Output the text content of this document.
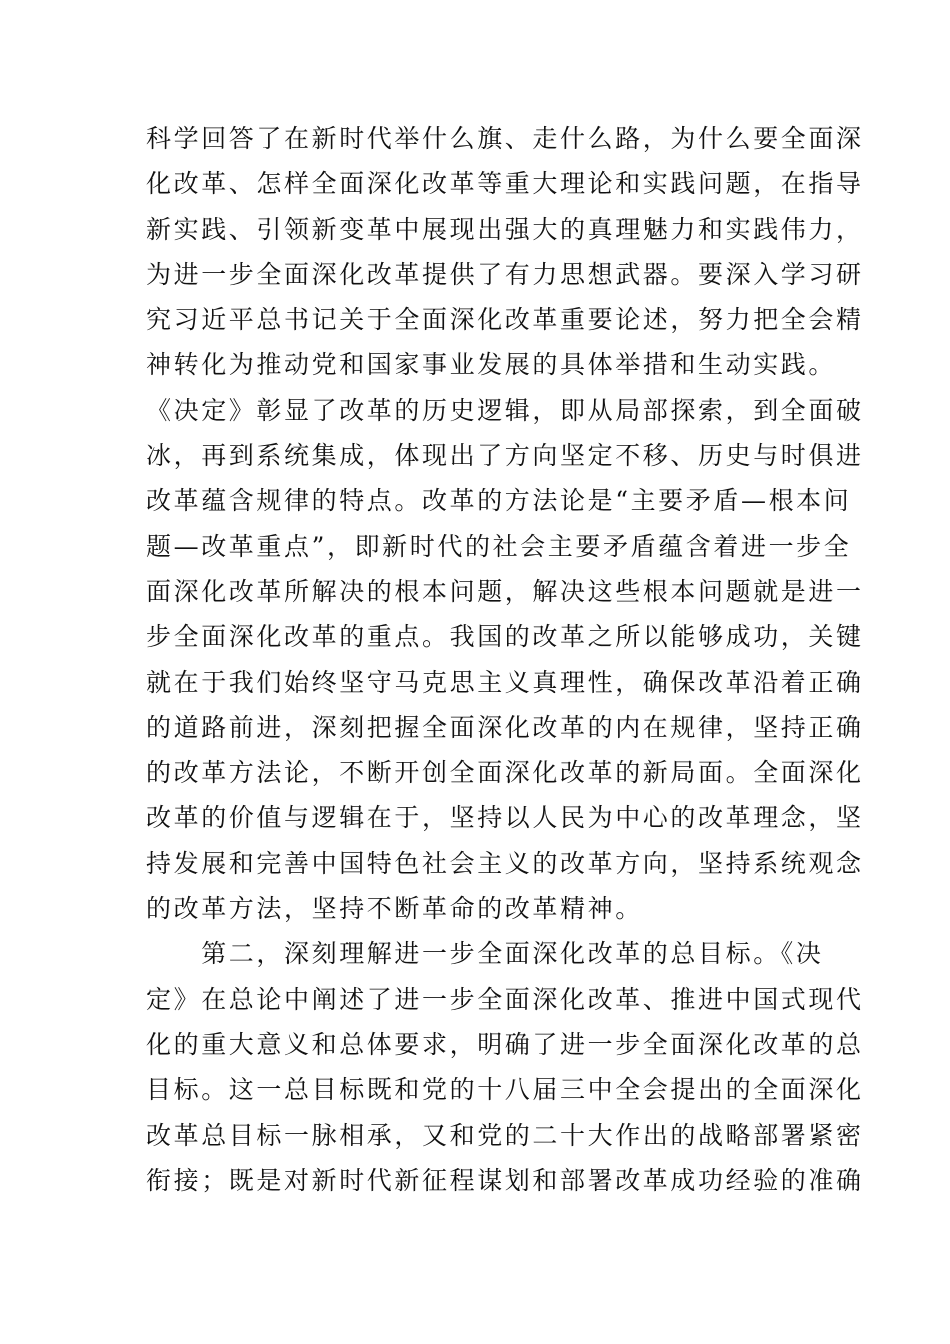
科学回答了在新时代举什么旗、走什么路，为什么要全面深
化改革、怎样全面深化改革等重大理论和实践问题，在指导
新实践、引领新变革中展现出强大的真理魅力和实践伟力，
为进一步全面深化改革提供了有力思想武器。要深入学习研
究习近平总书记关于全面深化改革重要论述，努力把全会精
神转化为推动党和国家事业发展的具体举措和生动实践。
《决定》彰显了改革的历史逻辑，即从局部探索，到全面破
冰，再到系统集成，体现出了方向坚定不移、历史与时俱进
改革蕴含规律的特点。改革的方法论是“主要矛盾—根本问
题—改革重点”，即新时代的社会主要矛盾蕴含着进一步全
面深化改革所解决的根本问题，解决这些根本问题就是进一
步全面深化改革的重点。我国的改革之所以能够成功，关键
就在于我们始终坚守马克思主义真理性，确保改革沿着正确
的道路前进，深刻把握全面深化改革的内在规律，坚持正确
的改革方法论，不断开创全面深化改革的新局面。全面深化
改革的价值与逻辑在于，坚持以人民为中心的改革理念，坚
持发展和完善中国特色社会主义的改革方向，坚持系统观念
的改革方法，坚持不断革命的改革精神。
　　第二，深刻理解进一步全面深化改革的总目标。《决
定》在总论中阐述了进一步全面深化改革、推进中国式现代
化的重大意义和总体要求，明确了进一步全面深化改革的总
目标。这一总目标既和党的十八届三中全会提出的全面深化
改革总目标一脉相承，又和党的二十大作出的战略部署紧密
衔接；既是对新时代新征程谋划和部署改革成功经验的准确
